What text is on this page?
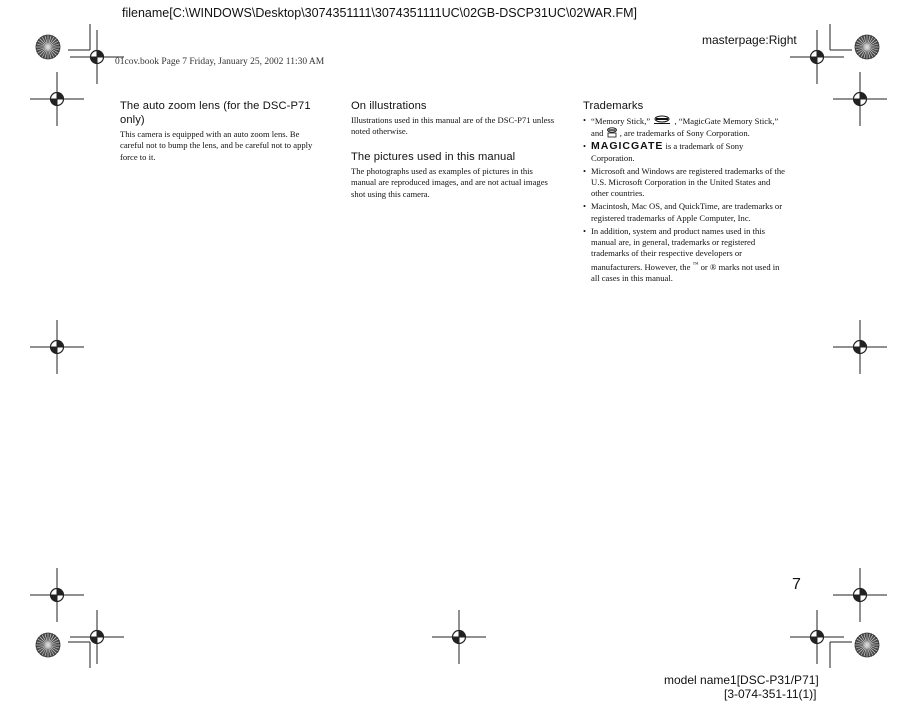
filename[C:\WINDOWS\Desktop\3074351111\3074351111UC\02GB-DSCP31UC\02WAR.FM]
masterpage:Right
01cov.book Page 7 Friday, January 25, 2002 11:30 AM
The auto zoom lens (for the DSC-P71 only)

This camera is equipped with an auto zoom lens. Be careful not to bump the lens, and be careful not to apply force to it.

On illustrations

Illustrations used in this manual are of the DSC-P71 unless noted otherwise.

The pictures used in this manual

The photographs used as examples of pictures in this manual are reproduced images, and are not actual images shot using this camera.

Trademarks
• “Memory Stick,”	, “MagicGate Memory Stick,” and , are trademarks of Sony Corporation.
• MAGICGATE is a trademark of Sony Corporation.
• Microsoft and Windows are registered trademarks of the U.S. Microsoft Corporation in the United States and other countries.
• Macintosh, Mac OS, and QuickTime, are trademarks or registered trademarks of Apple Computer, Inc.
• In addition, system and product names used in this manual are, in general, trademarks or registered trademarks of their respective developers or manufacturers. However, the ™ or ® marks not used in all cases in this manual.
7
model name1[DSC-P31/P71]
[3-074-351-11(1)]
